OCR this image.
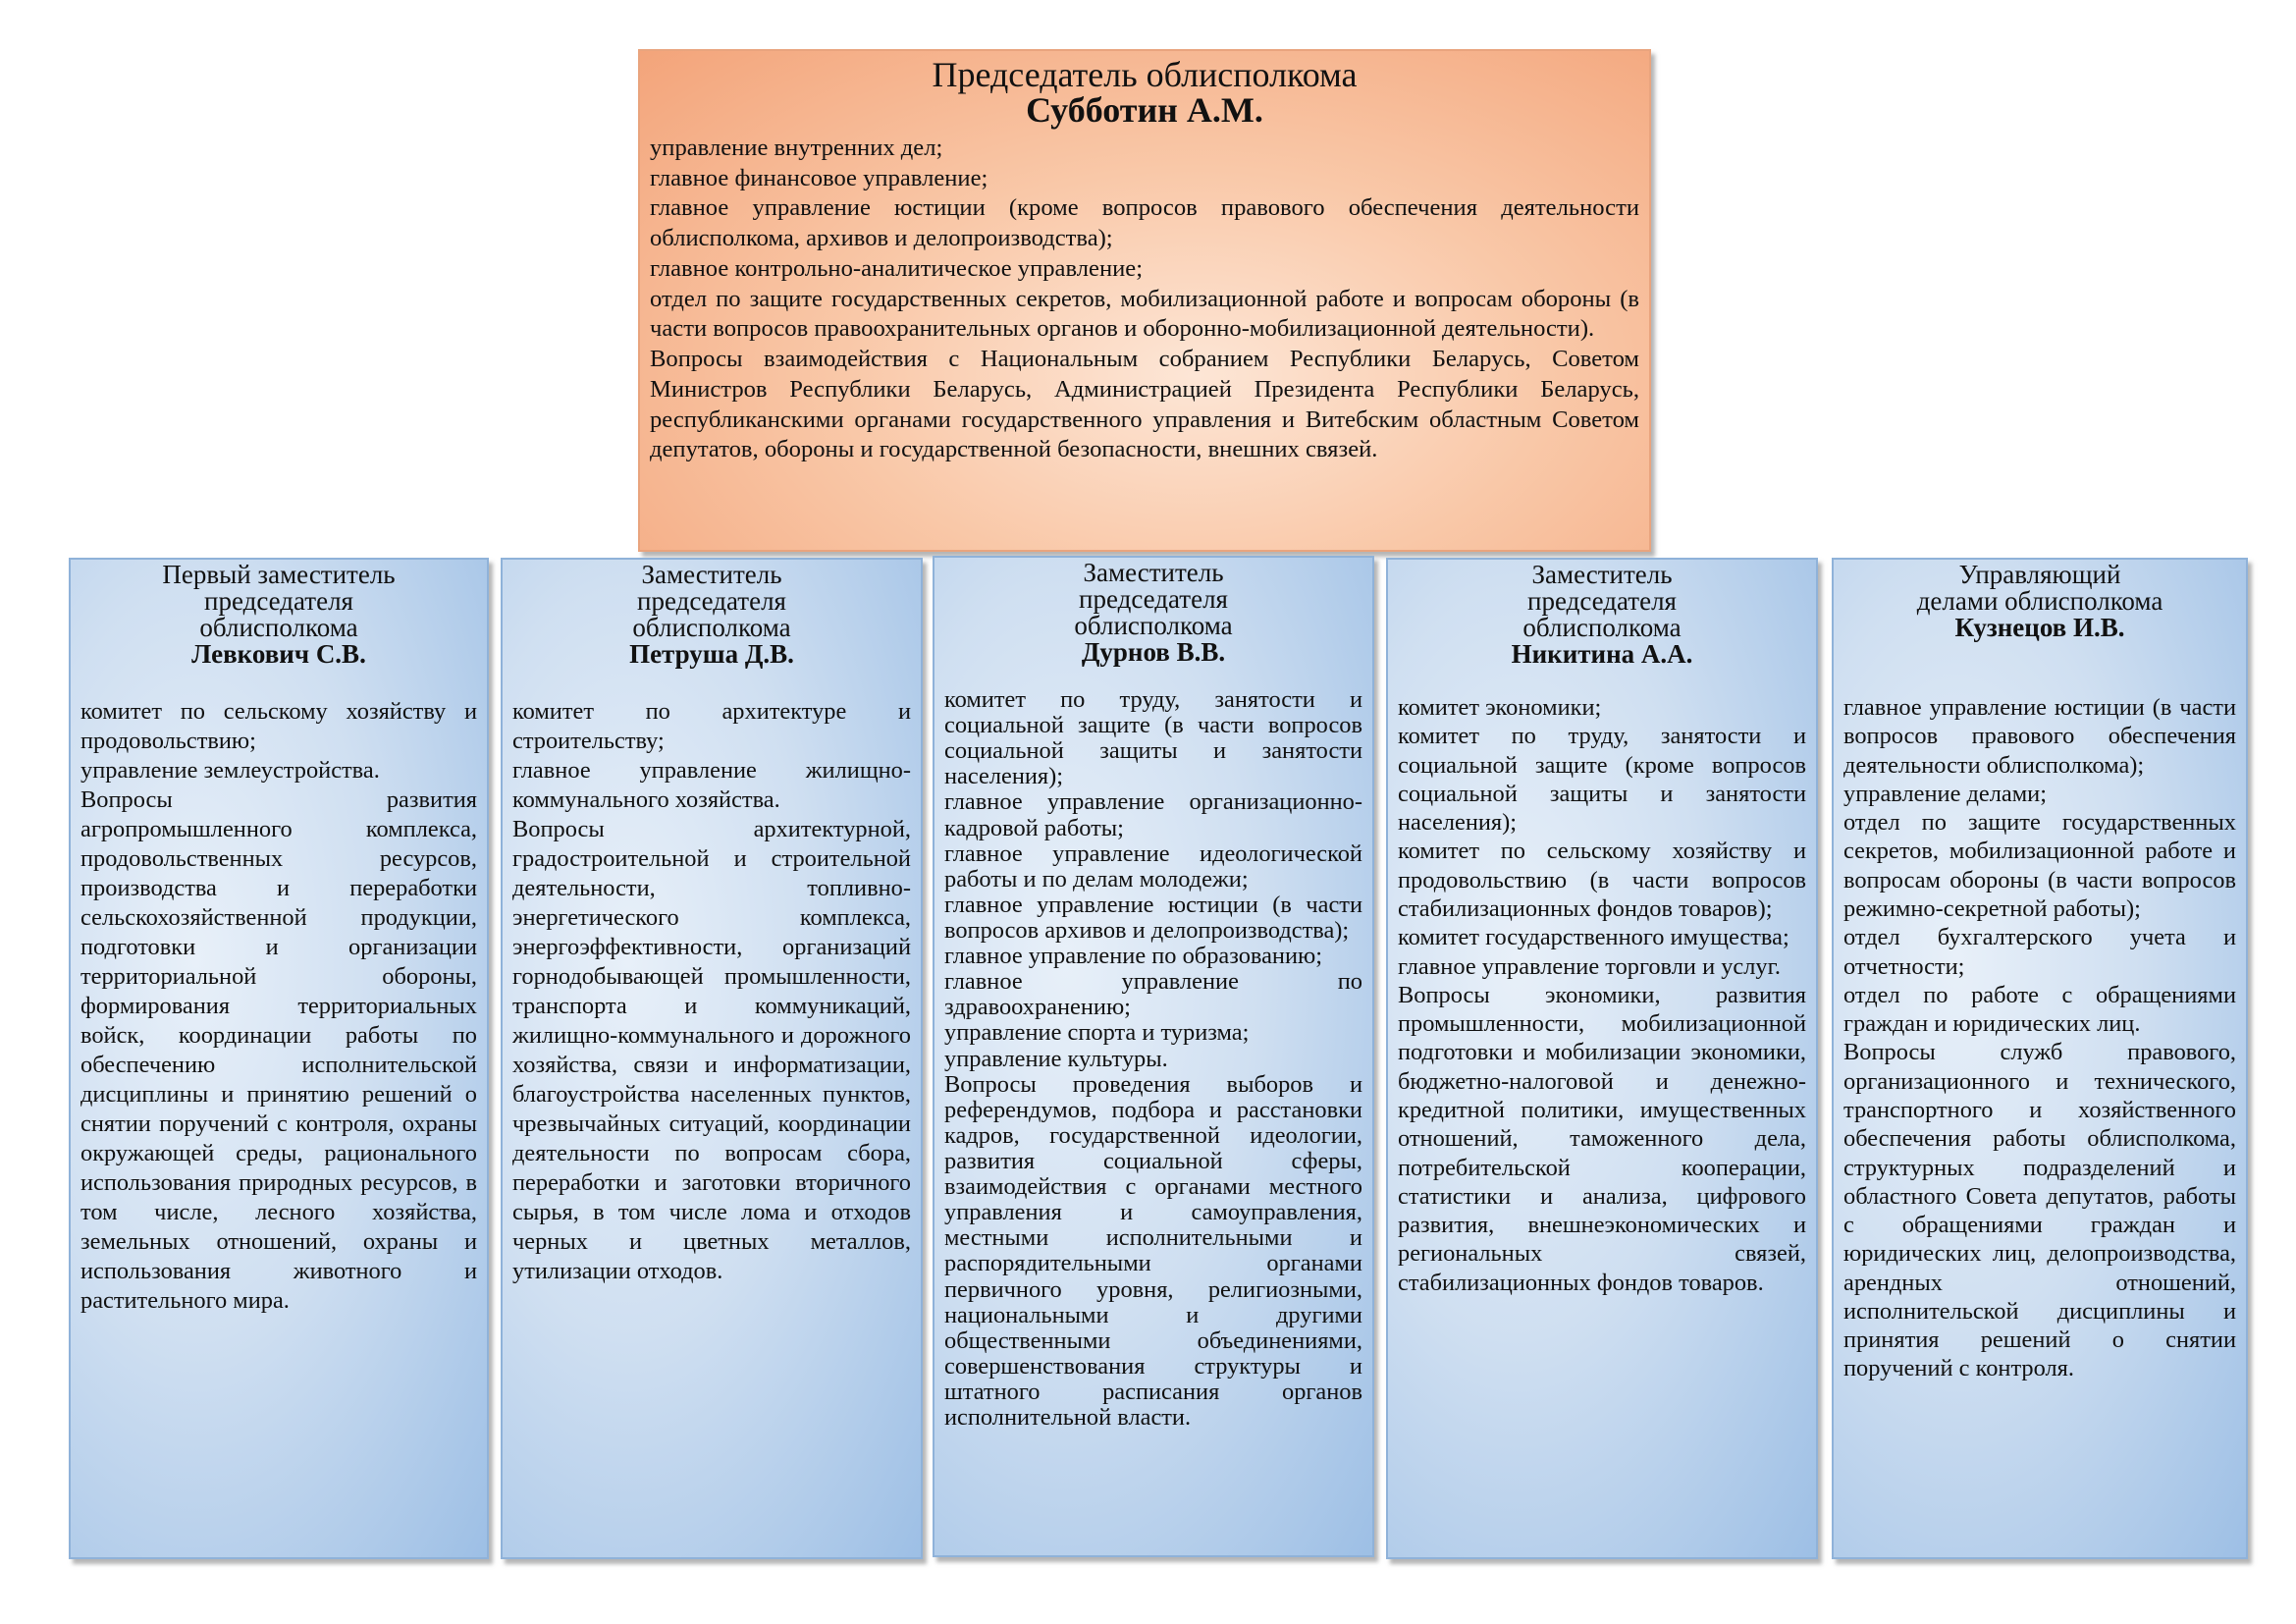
Председатель облисполкома
Субботин А.М.

управление внутренних дел;

главное финансовое управление;

главное управление юстиции (кроме вопросов правового обеспечения деятельности облисполкома, архивов и делопроизводства);

главное контрольно-аналитическое управление;

отдел по защите государственных секретов, мобилизационной работе и вопросам обороны (в части вопросов правоохранительных органов и оборонно-мобилизационной деятельности).

Вопросы взаимодействия с Национальным собранием Республики Беларусь, Советом Министров Республики Беларусь, Администрацией Президента Республики Беларусь, республиканскими органами государственного управления и Витебским областным Советом депутатов, обороны и государственной безопасности, внешних связей.

Первый заместитель
председателя
облисполкома
Левкович С.В.

комитет по сельскому хозяйству и продовольствию;

управление землеустройства.

Вопросы развития агропромышленного комплекса, продовольственных ресурсов, производства и переработки сельскохозяйственной продукции, подготовки и организации территориальной обороны, формирования территориальных войск, координации работы по обеспечению исполнительской дисциплины и принятию решений о снятии поручений с контроля, охраны окружающей среды, рационального использования природных ресурсов, в том числе, лесного хозяйства, земельных отношений, охраны и использования животного и растительного мира.

Заместитель
председателя
облисполкома
Петруша Д.В.

комитет по архитектуре и строительству;

главное управление жилищно-коммунального хозяйства.

Вопросы архитектурной, градостроительной и строительной деятельности, топливно-энергетического комплекса, энергоэффективности, организаций горнодобывающей промышленности, транспорта и коммуникаций, жилищно-коммунального и дорожного хозяйства, связи и информатизации, благоустройства населенных пунктов, чрезвычайных ситуаций, координации деятельности по вопросам сбора, переработки и заготовки вторичного сырья, в том числе лома и отходов черных и цветных металлов, утилизации отходов.

Заместитель
председателя
облисполкома
Дурнов В.В.

комитет по труду, занятости и социальной защите (в части вопросов социальной защиты и занятости населения);

главное управление организационно-кадровой работы;

главное управление идеологической работы и по делам молодежи;

главное управление юстиции (в части вопросов архивов и делопроизводства);

главное управление по образованию;

главное управление по здравоохранению;

управление спорта и туризма;

управление культуры.

Вопросы проведения выборов и референдумов, подбора и расстановки кадров, государственной идеологии, развития социальной сферы, взаимодействия с органами местного управления и самоуправления, местными исполнительными и распорядительными органами первичного уровня, религиозными, национальными и другими общественными объединениями, совершенствования структуры и штатного расписания органов исполнительной власти.

Заместитель
председателя
облисполкома
Никитина А.А.

комитет экономики;

комитет по труду, занятости и социальной защите (кроме вопросов социальной защиты и занятости населения);

комитет по сельскому хозяйству и продовольствию (в части вопросов стабилизационных фондов товаров);

комитет государственного имущества;

главное управление торговли и услуг.

Вопросы экономики, развития промышленности, мобилизационной подготовки и мобилизации экономики, бюджетно-налоговой и денежно-кредитной политики, имущественных отношений, таможенного дела, потребительской кооперации, статистики и анализа, цифрового развития, внешнеэкономических и региональных связей, стабилизационных фондов товаров.

Управляющий
делами облисполкома
Кузнецов И.В.

главное управление юстиции (в части вопросов правового обеспечения деятельности облисполкома);

управление делами;

отдел по защите государственных секретов, мобилизационной работе и вопросам обороны (в части вопросов режимно-секретной работы);

отдел бухгалтерского учета и отчетности;

отдел по работе с обращениями граждан и юридических лиц.

Вопросы служб правового, организационного и технического, транспортного и хозяйственного обеспечения работы облисполкома, структурных подразделений и областного Совета депутатов, работы с обращениями граждан и юридических лиц, делопроизводства, арендных отношений, исполнительской дисциплины и принятия решений о снятии поручений с контроля.
